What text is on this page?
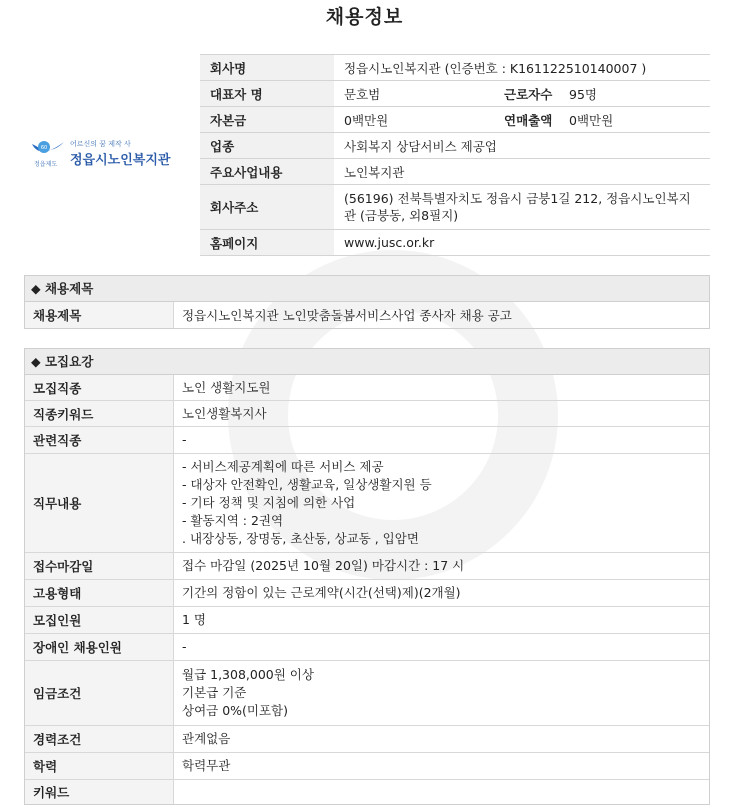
채용정보
60	어르신의 꿈 제작 사
정읍제도 정읍시노인복지관
회사명	정읍시노인복지관 (인증번호 : K161122510140007 )		
대표자 명	문호범	근로자수	95명
자본금	0백만원	연매출액	0백만원
업종	사회복지 상담서비스 제공업		
주요사업내용	노인복지관		
회사주소	(56196) 전북특별자치도 정읍시 금붕1길 212, 정읍시노인복지관 (금붕동, 외8필지)		
홈페이지	www.jusc.or.kr		
◆ 채용제목
채용제목	정읍시노인복지관 노인맞춤돌봄서비스사업 종사자 채용 공고
◆ 모집요강
모집직종	노인 생활지도원

직종키워드	노인생활복지사

관련직종	-

직무내용	- 서비스제공계획에 따른 서비스 제공
- 대상자 안전확인, 생활교육, 일상생활지원 등
- 기타 정책 및 지침에 의한 사업
- 활동지역 : 2권역
. 내장상동, 장명동, 초산동, 상교동 , 입암면

접수마감일	접수 마감일 (2025년 10월 20일) 마감시간 : 17 시

고용형태	기간의 정함이 있는 근로계약(시간(선택)제)(2개월)

모집인원	1 명

장애인 채용인원	-

임금조건	월급 1,308,000원 이상
기본급 기준
상여금 0%(미포함)

경력조건	관계없음

학력	학력무관

키워드	
